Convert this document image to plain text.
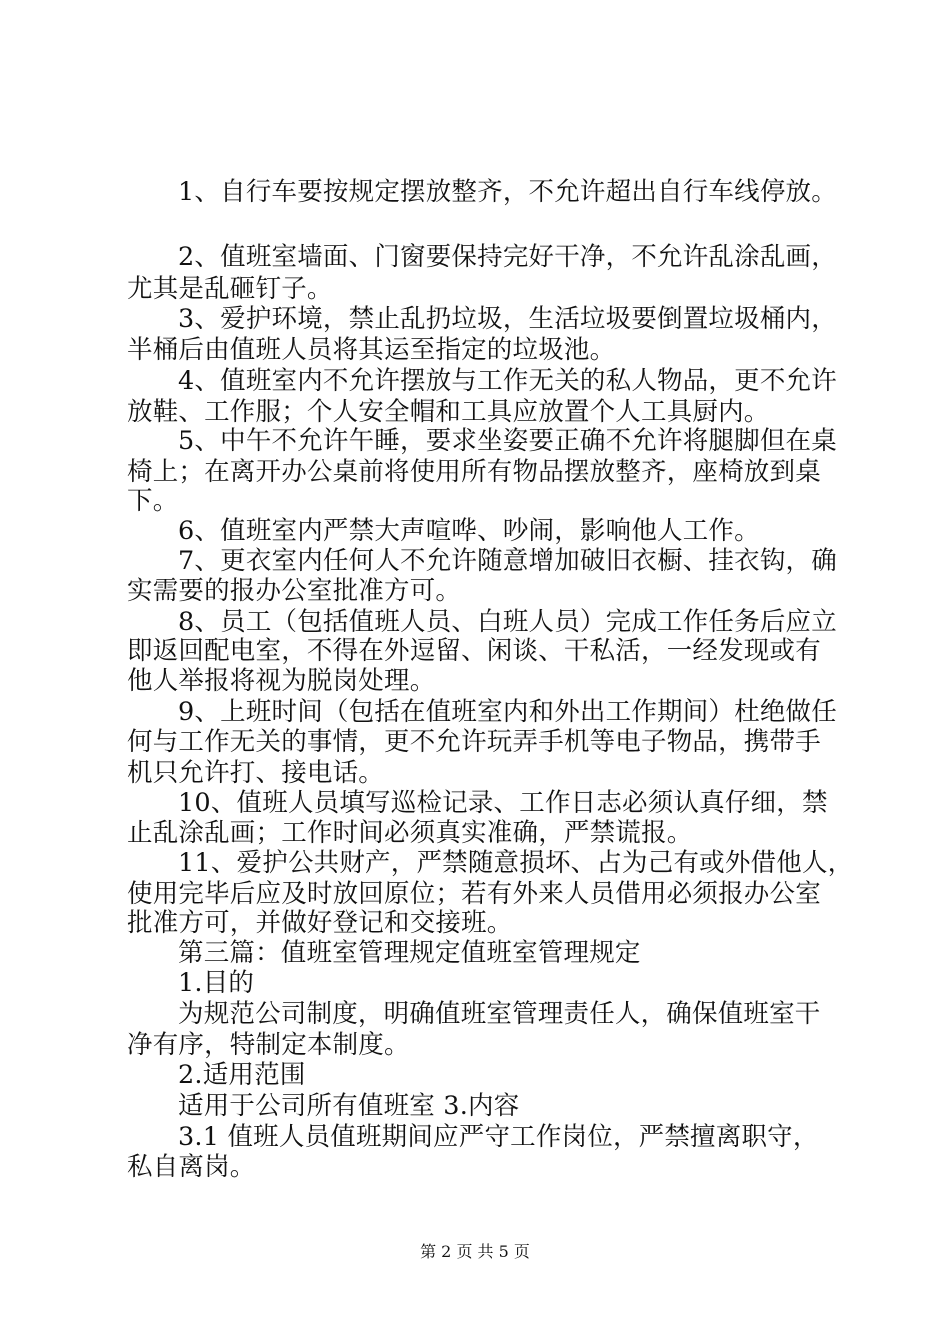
1、自行车要按规定摆放整齐，不允许超出自行车线停放。
2、值班室墙面、门窗要保持完好干净，不允许乱涂乱画，
尤其是乱砸钉子。
3、爱护环境，禁止乱扔垃圾，生活垃圾要倒置垃圾桶内，
半桶后由值班人员将其运至指定的垃圾池。
4、值班室内不允许摆放与工作无关的私人物品，更不允许
放鞋、工作服；个人安全帽和工具应放置个人工具厨内。
5、中午不允许午睡，要求坐姿要正确不允许将腿脚但在桌
椅上；在离开办公桌前将使用所有物品摆放整齐，座椅放到桌
下。
6、值班室内严禁大声喧哗、吵闹，影响他人工作。
7、更衣室内任何人不允许随意增加破旧衣橱、挂衣钩，确
实需要的报办公室批准方可。
8、员工（包括值班人员、白班人员）完成工作任务后应立
即返回配电室，不得在外逗留、闲谈、干私活，一经发现或有
他人举报将视为脱岗处理。
9、上班时间（包括在值班室内和外出工作期间）杜绝做任
何与工作无关的事情，更不允许玩弄手机等电子物品，携带手
机只允许打、接电话。
10、值班人员填写巡检记录、工作日志必须认真仔细，禁
止乱涂乱画；工作时间必须真实准确，严禁谎报。
11、爱护公共财产，严禁随意损坏、占为己有或外借他人，
使用完毕后应及时放回原位；若有外来人员借用必须报办公室
批准方可，并做好登记和交接班。
第三篇：值班室管理规定值班室管理规定
1.目的
为规范公司制度，明确值班室管理责任人，确保值班室干
净有序，特制定本制度。
2.适用范围
适用于公司所有值班室 3.内容
3.1 值班人员值班期间应严守工作岗位，严禁擅离职守，
私自离岗。
第 2 页 共 5 页
